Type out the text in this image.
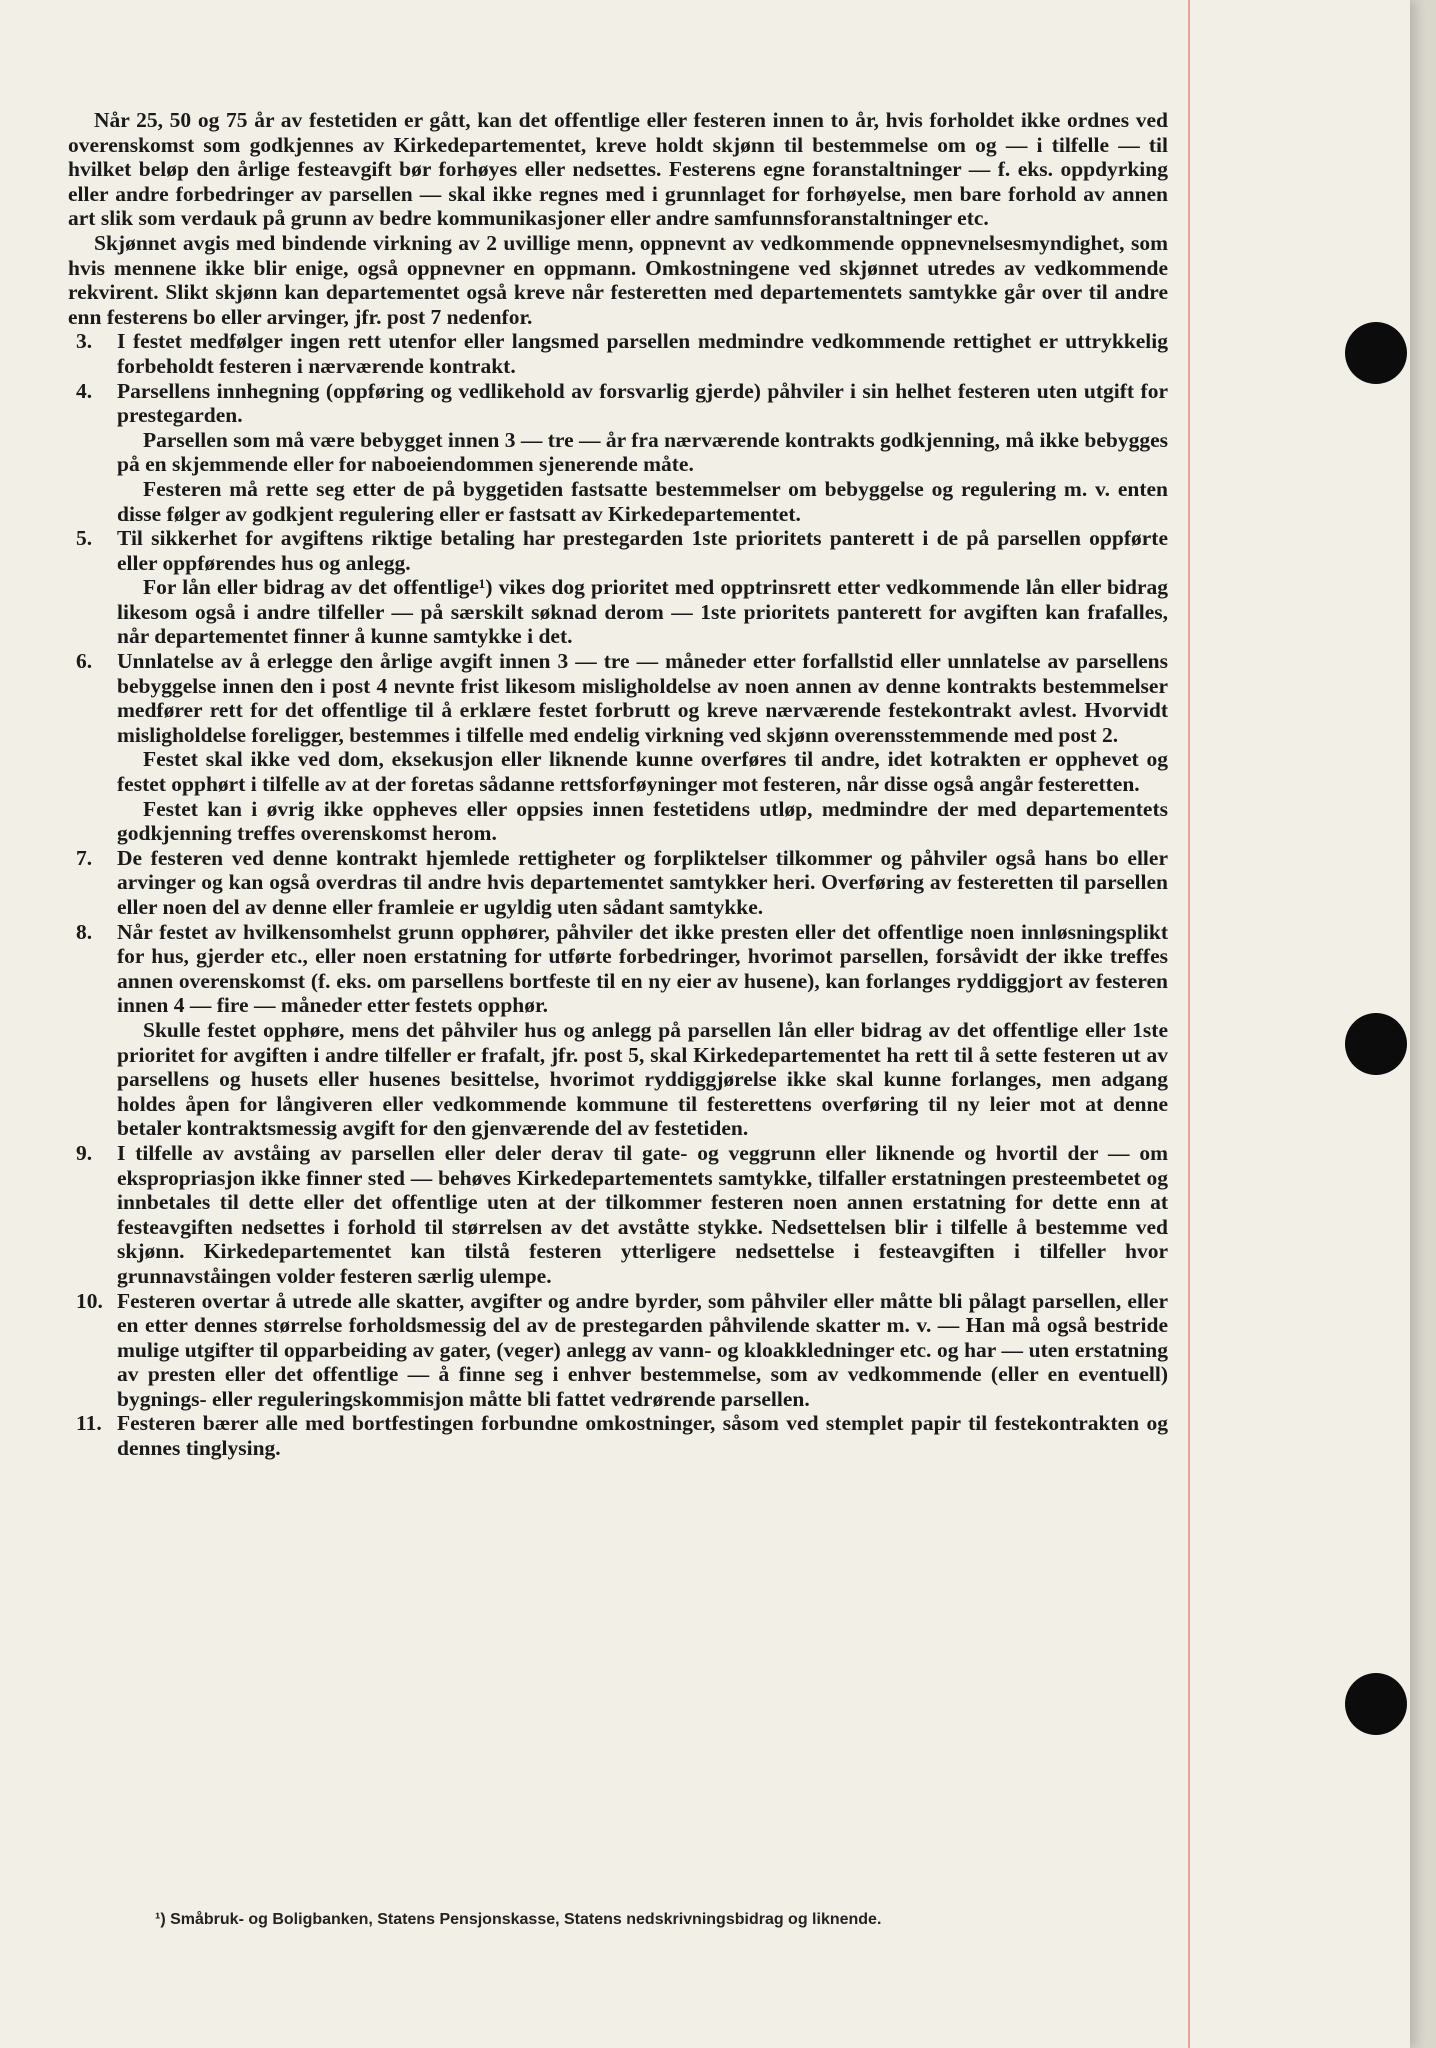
Når 25, 50 og 75 år av festetiden er gått, kan det offentlige eller festeren innen to år, hvis forholdet ikke ordnes ved overenskomst som godkjennes av Kirkedepartementet, kreve holdt skjønn til bestemmelse om og — i tilfelle — til hvilket beløp den årlige festeavgift bør forhøyes eller nedsettes. Festerens egne foranstaltninger — f. eks. oppdyrking eller andre forbedringer av parsellen — skal ikke regnes med i grunnlaget for forhøyelse, men bare forhold av annen art slik som verdauk på grunn av bedre kommunikasjoner eller andre samfunnsforanstaltninger etc.

Skjønnet avgis med bindende virkning av 2 uvillige menn, oppnevnt av vedkommende oppnevnelsesmyndighet, som hvis mennene ikke blir enige, også oppnevner en oppmann. Omkostningene ved skjønnet utredes av vedkommende rekvirent. Slikt skjønn kan departementet også kreve når festeretten med departementets samtykke går over til andre enn festerens bo eller arvinger, jfr. post 7 nedenfor.

3.	I festet medfølger ingen rett utenfor eller langsmed parsellen medmindre vedkommende rettighet er uttrykkelig forbeholdt festeren i nærværende kontrakt.

4.	Parsellens innhegning (oppføring og vedlikehold av forsvarlig gjerde) påhviler i sin helhet festeren uten utgift for prestegarden.

Parsellen som må være bebygget innen 3 — tre — år fra nærværende kontrakts godkjenning, må ikke bebygges på en skjemmende eller for naboeiendommen sjenerende måte.

Festeren må rette seg etter de på byggetiden fastsatte bestemmelser om bebyggelse og regulering m. v. enten disse følger av godkjent regulering eller er fastsatt av Kirkedepartementet.

5.	Til sikkerhet for avgiftens riktige betaling har prestegarden 1ste prioritets panterett i de på parsellen oppførte eller oppførendes hus og anlegg.

For lån eller bidrag av det offentlige¹) vikes dog prioritet med opptrinsrett etter vedkommende lån eller bidrag likesom også i andre tilfeller — på særskilt søknad derom — 1ste prioritets panterett for avgiften kan frafalles, når departementet finner å kunne samtykke i det.

6.	Unnlatelse av å erlegge den årlige avgift innen 3 — tre — måneder etter forfallstid eller unnlatelse av parsellens bebyggelse innen den i post 4 nevnte frist likesom misligholdelse av noen annen av denne kontrakts bestemmelser medfører rett for det offentlige til å erklære festet forbrutt og kreve nærværende festekontrakt avlest. Hvorvidt misligholdelse foreligger, bestemmes i tilfelle med endelig virkning ved skjønn overensstemmende med post 2.

Festet skal ikke ved dom, eksekusjon eller liknende kunne overføres til andre, idet kotrakten er opphevet og festet opphørt i tilfelle av at der foretas sådanne rettsforføyninger mot festeren, når disse også angår festeretten.

Festet kan i øvrig ikke oppheves eller oppsies innen festetidens utløp, medmindre der med departementets godkjenning treffes overenskomst herom.

7.	De festeren ved denne kontrakt hjemlede rettigheter og forpliktelser tilkommer og påhviler også hans bo eller arvinger og kan også overdras til andre hvis departementet samtykker heri. Overføring av festeretten til parsellen eller noen del av denne eller framleie er ugyldig uten sådant samtykke.

8.	Når festet av hvilkensomhelst grunn opphører, påhviler det ikke presten eller det offentlige noen innløsningsplikt for hus, gjerder etc., eller noen erstatning for utførte forbedringer, hvorimot parsellen, forsåvidt der ikke treffes annen overenskomst (f. eks. om parsellens bortfeste til en ny eier av husene), kan forlanges ryddiggjort av festeren innen 4 — fire — måneder etter festets opphør.

Skulle festet opphøre, mens det påhviler hus og anlegg på parsellen lån eller bidrag av det offentlige eller 1ste prioritet for avgiften i andre tilfeller er frafalt, jfr. post 5, skal Kirkedepartementet ha rett til å sette festeren ut av parsellens og husets eller husenes besittelse, hvorimot ryddiggjørelse ikke skal kunne forlanges, men adgang holdes åpen for långiveren eller vedkommende kommune til festerettens overføring til ny leier mot at denne betaler kontraktsmessig avgift for den gjenværende del av festetiden.

9.	I tilfelle av avståing av parsellen eller deler derav til gate- og veggrunn eller liknende og hvortil der — om ekspropriasjon ikke finner sted — behøves Kirkedepartementets samtykke, tilfaller erstatningen presteembetet og innbetales til dette eller det offentlige uten at der tilkommer festeren noen annen erstatning for dette enn at festeavgiften nedsettes i forhold til størrelsen av det avståtte stykke. Nedsettelsen blir i tilfelle å bestemme ved skjønn. Kirkedepartementet kan tilstå festeren ytterligere nedsettelse i festeavgiften i tilfeller hvor grunnavståingen volder festeren særlig ulempe.

10. Festeren overtar å utrede alle skatter, avgifter og andre byrder, som påhviler eller måtte bli pålagt parsellen, eller en etter dennes størrelse forholdsmessig del av de prestegarden påhvilende skatter m. v. — Han må også bestride mulige utgifter til opparbeiding av gater, (veger) anlegg av vann- og kloakkledninger etc. og har — uten erstatning av presten eller det offentlige — å finne seg i enhver bestemmelse, som av vedkommende (eller en eventuell) bygnings- eller reguleringskommisjon måtte bli fattet vedrørende parsellen.

11. Festeren bærer alle med bortfestingen forbundne omkostninger, såsom ved stemplet papir til festekontrakten og dennes tinglysing.

¹) Småbruk- og Boligbanken, Statens Pensjonskasse, Statens nedskrivningsbidrag og liknende.
